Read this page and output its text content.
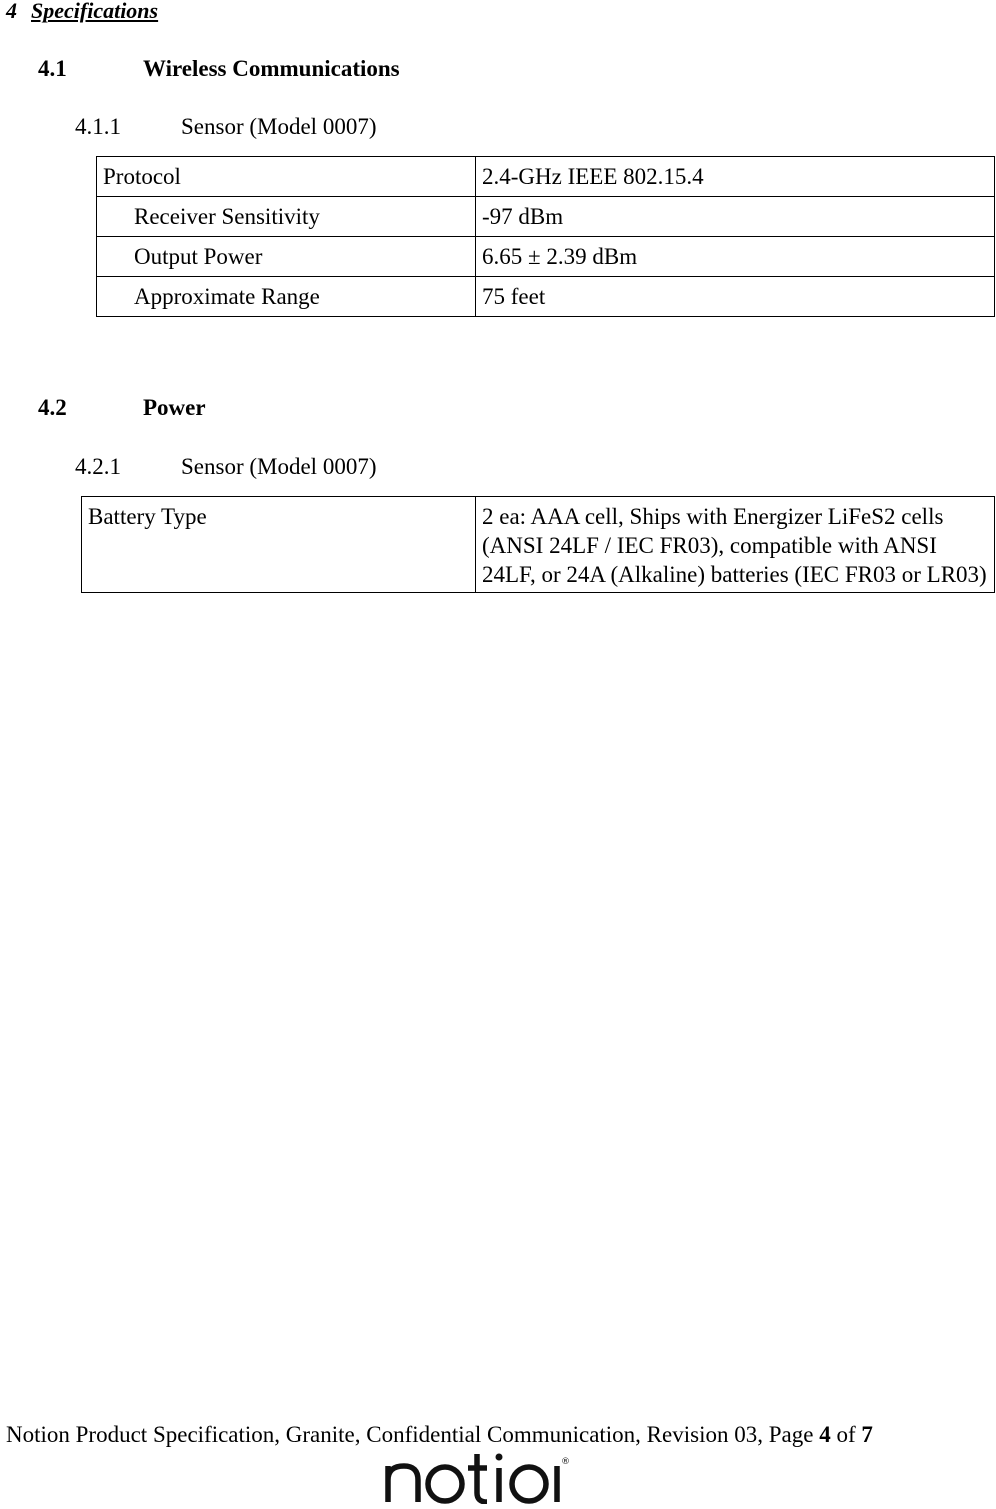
4 Specifications
4.1	Wireless Communications
4.1.1	Sensor (Model 0007)
Protocol	2.4-GHz IEEE 802.15.4
Receiver Sensitivity	-97 dBm
Output Power	6.65 ± 2.39 dBm
Approximate Range	75 feet
4.2	Power
4.2.1	Sensor (Model 0007)
Battery Type	2 ea: AAA cell, Ships with Energizer LiFeS2 cells (ANSI 24LF / IEC FR03), compatible with ANSI 24LF, or 24A (Alkaline) batteries (IEC FR03 or LR03)
Notion Product Specification, Granite, Confidential Communication, Revision 03, Page 4 of 7
®
